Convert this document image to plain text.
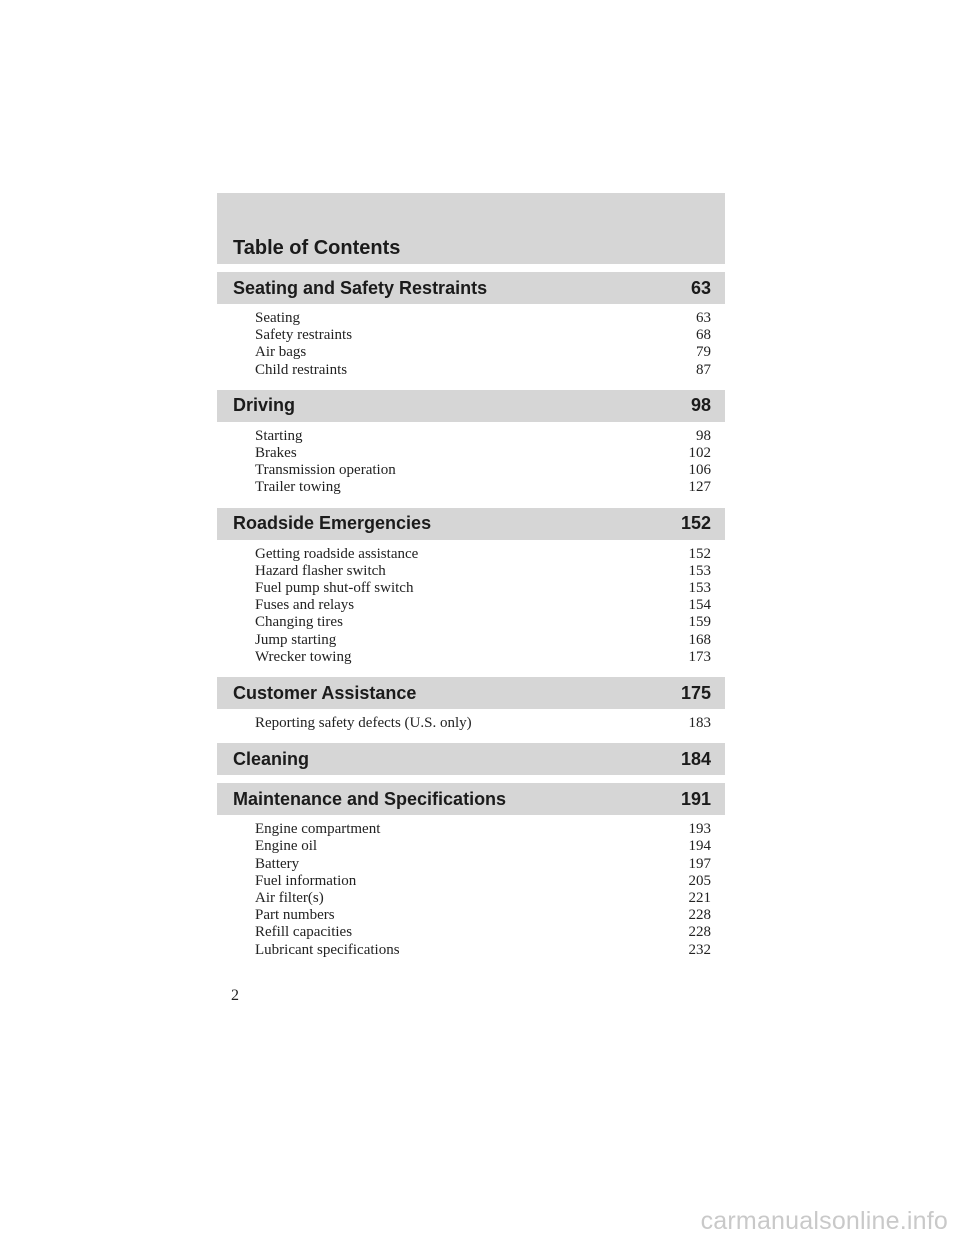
Table of Contents
Seating and Safety Restraints	63
Seating	63
Safety restraints	68
Air bags	79
Child restraints	87
Driving	98
Starting	98
Brakes	102
Transmission operation	106
Trailer towing	127
Roadside Emergencies	152
Getting roadside assistance	152
Hazard flasher switch	153
Fuel pump shut-off switch	153
Fuses and relays	154
Changing tires	159
Jump starting	168
Wrecker towing	173
Customer Assistance	175
Reporting safety defects (U.S. only)	183
Cleaning	184
Maintenance and Specifications	191
Engine compartment	193
Engine oil	194
Battery	197
Fuel information	205
Air filter(s)	221
Part numbers	228
Refill capacities	228
Lubricant specifications	232
2
carmanualsonline.info
